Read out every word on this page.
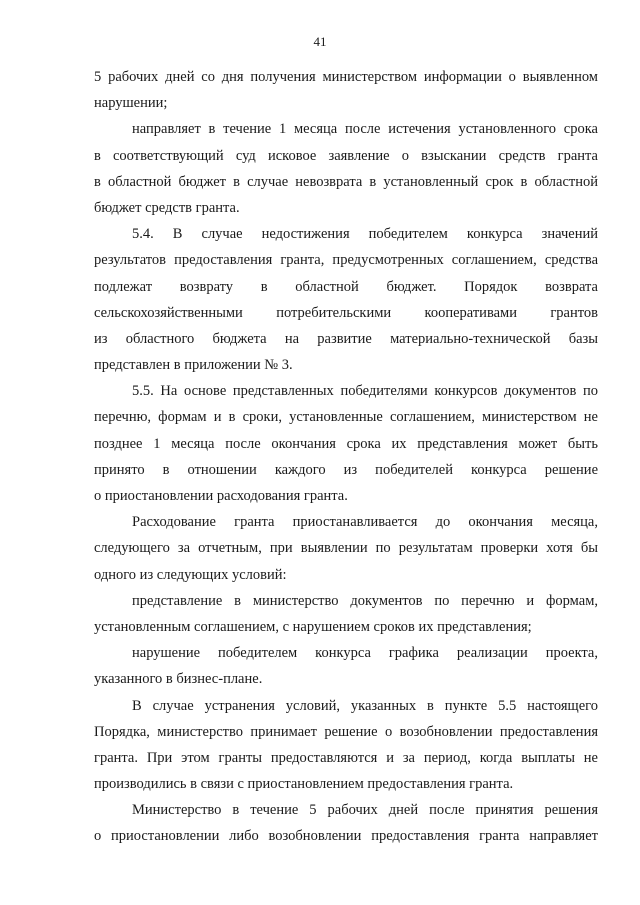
41
5 рабочих дней со дня получения министерством информации о выявленном
нарушении;
направляет в течение 1 месяца после истечения установленного срока
в соответствующий суд исковое заявление о взыскании средств гранта
в областной бюджет в случае невозврата в установленный срок в областной
бюджет средств гранта.
5.4. В случае недостижения победителем конкурса значений
результатов предоставления гранта, предусмотренных соглашением, средства
подлежат возврату в областной бюджет. Порядок возврата
сельскохозяйственными потребительскими кооперативами грантов
из областного бюджета на развитие материально-технической базы
представлен в приложении № 3.
5.5. На основе представленных победителями конкурсов документов по
перечню, формам и в сроки, установленные соглашением, министерством не
позднее 1 месяца после окончания срока их представления может быть
принято в отношении каждого из победителей конкурса решение
о приостановлении расходования гранта.
Расходование гранта приостанавливается до окончания месяца,
следующего за отчетным, при выявлении по результатам проверки хотя бы
одного из следующих условий:
представление в министерство документов по перечню и формам,
установленным соглашением, с нарушением сроков их представления;
нарушение победителем конкурса графика реализации проекта,
указанного в бизнес-плане.
В случае устранения условий, указанных в пункте 5.5 настоящего
Порядка, министерство принимает решение о возобновлении предоставления
гранта. При этом гранты предоставляются и за период, когда выплаты не
производились в связи с приостановлением предоставления гранта.
Министерство в течение 5 рабочих дней после принятия решения
о приостановлении либо возобновлении предоставления гранта направляет
